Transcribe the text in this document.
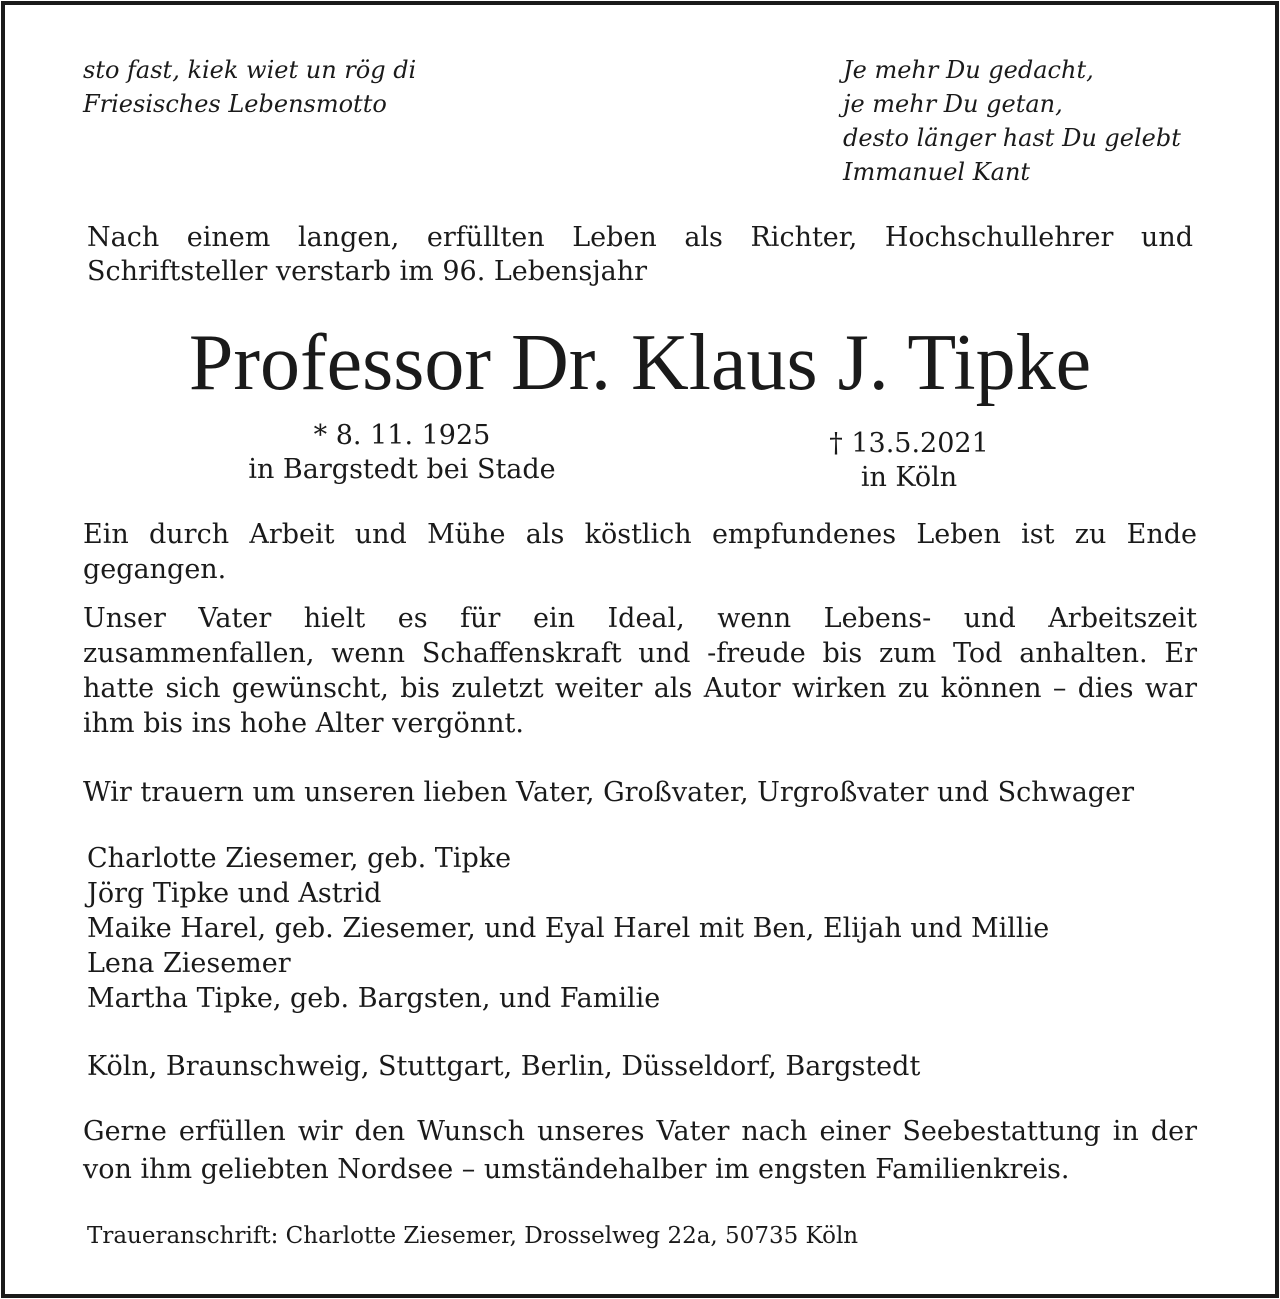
sto fast, kiek wiet un rög di
Friesisches Lebensmotto
Je mehr Du gedacht,
je mehr Du getan,
desto länger hast Du gelebt
Immanuel Kant
Nach einem langen, erfüllten Leben als Richter, Hochschullehrer und Schriftsteller verstarb im 96. Lebensjahr
Professor Dr. Klaus J. Tipke
* 8. 11. 1925
in Bargstedt bei Stade
† 13.5.2021
in Köln
Ein durch Arbeit und Mühe als köstlich empfundenes Leben ist zu Ende gegangen.
Unser Vater hielt es für ein Ideal, wenn Lebens- und Arbeitszeit zusammenfallen, wenn Schaffenskraft und -freude bis zum Tod anhalten. Er hatte sich gewünscht, bis zuletzt weiter als Autor wirken zu können – dies war ihm bis ins hohe Alter vergönnt.
Wir trauern um unseren lieben Vater, Großvater, Urgroßvater und Schwager
Charlotte Ziesemer, geb. Tipke
Jörg Tipke und Astrid
Maike Harel, geb. Ziesemer, und Eyal Harel mit Ben, Elijah und Millie
Lena Ziesemer
Martha Tipke, geb. Bargsten, und Familie
Köln, Braunschweig, Stuttgart, Berlin, Düsseldorf, Bargstedt
Gerne erfüllen wir den Wunsch unseres Vater nach einer Seebestattung in der von ihm geliebten Nordsee – umständehalber im engsten Familienkreis.
Traueranschrift: Charlotte Ziesemer, Drosselweg 22a, 50735 Köln
